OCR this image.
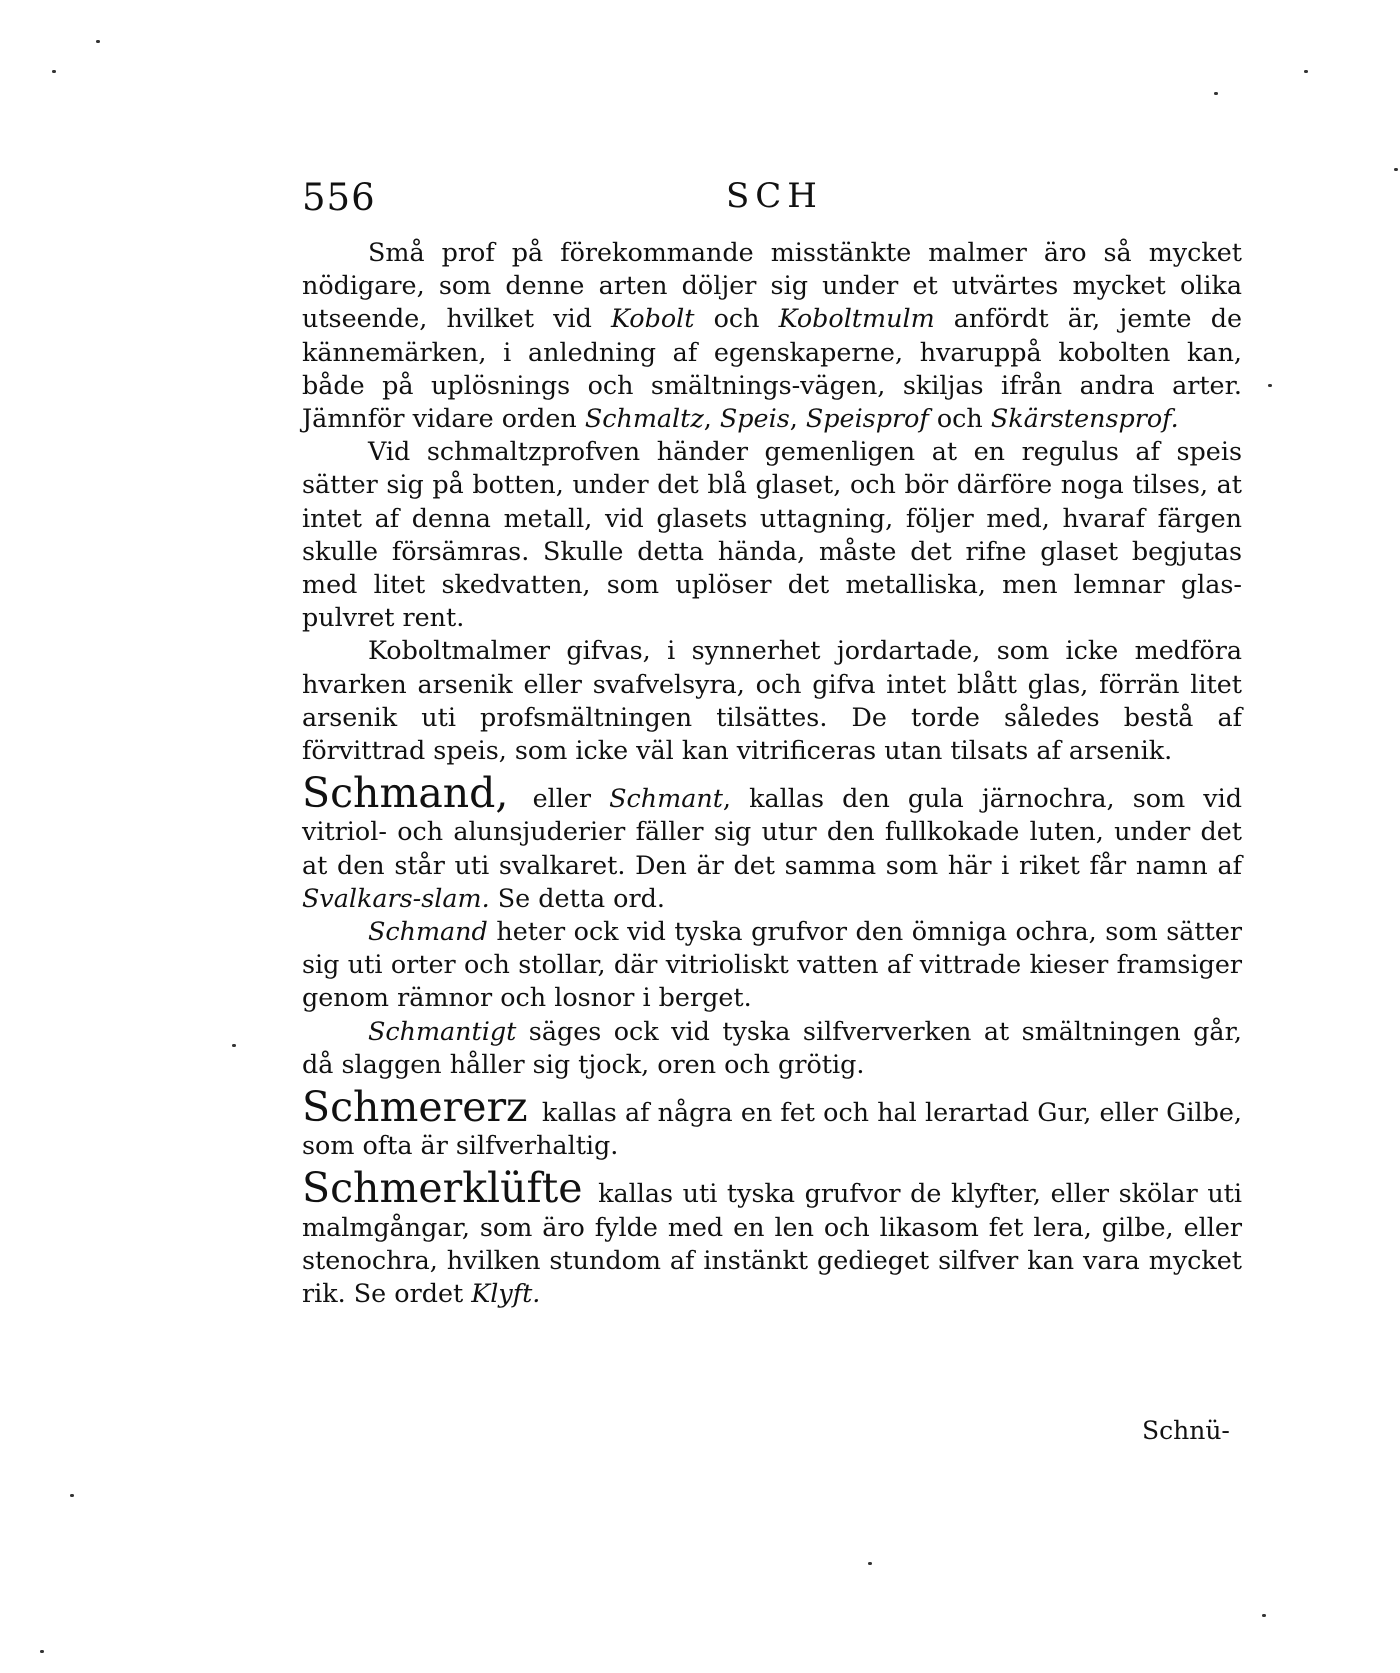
556	SCH

Små prof på förekommande misstänkte malmer äro så mycket nödigare, som denne arten döljer sig under et utvärtes mycket olika utseende, hvilket vid Kobolt och Koboltmulm anfördt är, jemte de kännemärken, i anledning af egenskaperne, hvaruppå kobolten kan, både på uplösnings och smältnings-vägen, skiljas ifrån andra arter. Jämnför vidare orden Schmaltz, Speis, Speisprof och Skärstensprof.

Vid schmaltzprofven händer gemenligen at en regulus af speis sätter sig på botten, under det blå glaset, och bör därföre noga tilses, at intet af denna metall, vid glasets uttagning, följer med, hvaraf färgen skulle försämras. Skulle detta hända, måste det rifne glaset begjutas med litet skedvatten, som uplöser det metalliska, men lemnar glas-pulvret rent.

Koboltmalmer gifvas, i synnerhet jordartade, som icke medföra hvarken arsenik eller svafvelsyra, och gifva intet blått glas, förrän litet arsenik uti profsmältningen tilsättes. De torde således bestå af förvittrad speis, som icke väl kan vitrificeras utan tilsats af arsenik.

Schmand, eller Schmant, kallas den gula järnochra, som vid vitriol- och alunsjuderier fäller sig utur den fullkokade luten, under det at den står uti svalkaret. Den är det samma som här i riket får namn af Svalkars-slam. Se detta ord.

Schmand heter ock vid tyska grufvor den ömniga ochra, som sätter sig uti orter och stollar, där vitrioliskt vatten af vittrade kieser framsiger genom rämnor och losnor i berget.

Schmantigt säges ock vid tyska silfververken at smältningen går, då slaggen håller sig tjock, oren och grötig.

Schmererz kallas af några en fet och hal lerartad Gur, eller Gilbe, som ofta är silfverhaltig.

Schmerklüfte kallas uti tyska grufvor de klyfter, eller skölar uti malmgångar, som äro fylde med en len och likasom fet lera, gilbe, eller stenochra, hvilken stundom af instänkt gedieget silfver kan vara mycket rik. Se ordet Klyft.

Schnü-
